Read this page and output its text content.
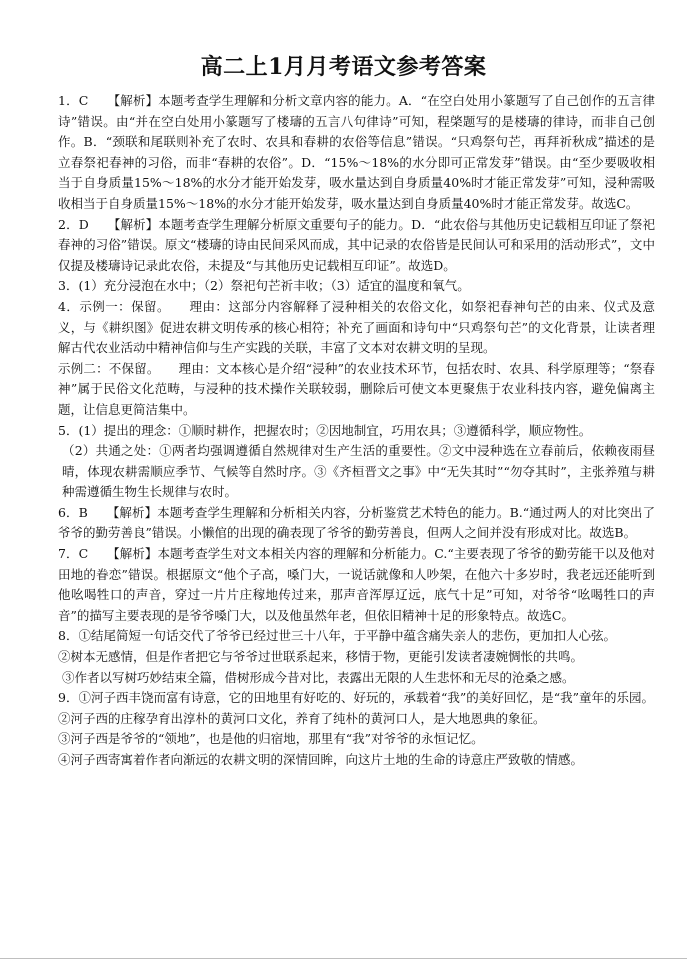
高二上1月月考语文参考答案

1．C　　【解析】本题考查学生理解和分析文章内容的能力。A．“在空白处用小篆题写了自己创作的五言律诗”错误。由“并在空白处用小篆题写了楼璹的五言八句律诗”可知，程棨题写的是楼璹的律诗，而非自己创作。B．“颈联和尾联则补充了农时、农具和春耕的农俗等信息”错误。“只鸡祭句芒，再拜祈秋成”描述的是立春祭祀春神的习俗，而非“春耕的农俗”。D．“15%～18%的水分即可正常发芽”错误。由“至少要吸收相当于自身质量15%～18%的水分才能开始发芽，吸水量达到自身质量40%时才能正常发芽”可知，浸种需吸收相当于自身质量15%～18%的水分才能开始发芽，吸水量达到自身质量40%时才能正常发芽。故选C。

2．D　　【解析】本题考查学生理解分析原文重要句子的能力。D．“此农俗与其他历史记载相互印证了祭祀春神的习俗”错误。原文“楼璹的诗由民间采风而成，其中记录的农俗皆是民间认可和采用的活动形式”，文中仅提及楼璹诗记录此农俗，未提及“与其他历史记载相互印证”。故选D。

3．(1）充分浸泡在水中；（2）祭祀句芒祈丰收；（3）适宜的温度和氧气。

4．示例一：保留。　　理由：这部分内容解释了浸种相关的农俗文化，如祭祀春神句芒的由来、仪式及意义，与《耕织图》促进农耕文明传承的核心相符；补充了画面和诗句中“只鸡祭句芒”的文化背景，让读者理解古代农业活动中精神信仰与生产实践的关联，丰富了文本对农耕文明的呈现。

示例二：不保留。　　理由：文本核心是介绍“浸种”的农业技术环节，包括农时、农具、科学原理等；“祭春神”属于民俗文化范畴，与浸种的技术操作关联较弱，删除后可使文本更聚焦于农业科技内容，避免偏离主题，让信息更简洁集中。

5．(1）提出的理念：①顺时耕作，把握农时；②因地制宜，巧用农具；③遵循科学，顺应物性。

（2）共通之处：①两者均强调遵循自然规律对生产生活的重要性。②文中浸种选在立春前后，依赖夜雨昼晴，体现农耕需顺应季节、气候等自然时序。③《齐桓晋文之事》中“无失其时”“勿夺其时”，主张养殖与耕种需遵循生物生长规律与农时。

6．B　　【解析】本题考查学生理解和分析相关内容，分析鉴赏艺术特色的能力。B.“通过两人的对比突出了爷爷的勤劳善良”错误。小懒倌的出现的确表现了爷爷的勤劳善良，但两人之间并没有形成对比。故选B。

7．C　　【解析】本题考查学生对文本相关内容的理解和分析能力。C.“主要表现了爷爷的勤劳能干以及他对田地的眷恋”错误。根据原文“他个子高，嗓门大，一说话就像和人吵架，在他六十多岁时，我老远还能听到他吆喝牲口的声音，穿过一片片庄稼地传过来，那声音浑厚辽远，底气十足”可知，对爷爷“吆喝牲口的声音”的描写主要表现的是爷爷嗓门大，以及他虽然年老，但依旧精神十足的形象特点。故选C。

8．①结尾简短一句话交代了爷爷已经过世三十八年，于平静中蕴含痛失亲人的悲伤，更加扣人心弦。

②树本无感情，但是作者把它与爷爷过世联系起来，移情于物，更能引发读者凄婉惆怅的共鸣。

③作者以写树巧妙结束全篇，借树形成今昔对比，表露出无限的人生悲怀和无尽的沧桑之感。

9．①河子西丰饶而富有诗意，它的田地里有好吃的、好玩的，承载着“我”的美好回忆，是“我”童年的乐园。

②河子西的庄稼孕育出淳朴的黄河口文化，养育了纯朴的黄河口人，是大地恩典的象征。

③河子西是爷爷的“领地”，也是他的归宿地，那里有“我”对爷爷的永恒记忆。

④河子西寄寓着作者向渐远的农耕文明的深情回眸，向这片土地的生命的诗意庄严致敬的情感。
